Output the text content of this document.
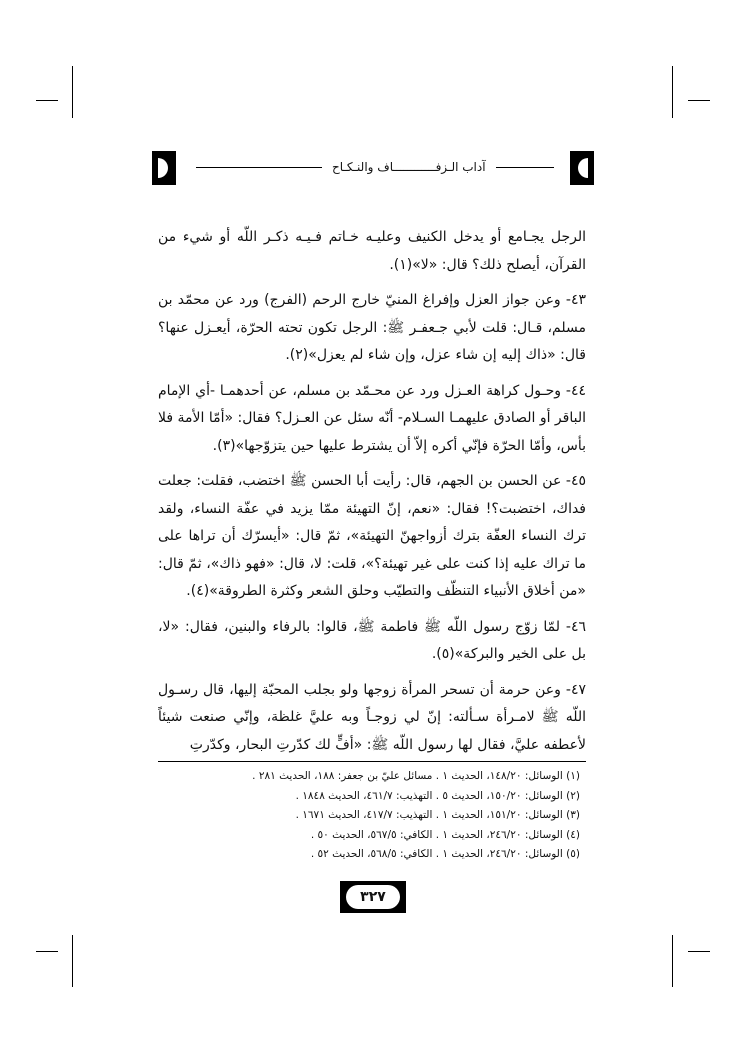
آداب الـزفــــــــــــاف والنـكـاح

الرجل يجـامع أو يدخل الكنيف وعليـه خـاتم فـيـه ذكـر اللّه أو شيء من القرآن، أيصلح ذلك؟ قال: «لا»(١).

٤٣- وعن جواز العزل وإفراغ المنيّ خارج الرحم (الفرج) ورد عن محمّد بن مسلم، قـال: قلت لأبي جـعفـر ﷺ: الرجل تكون تحته الحرّة، أيعـزل عنها؟ قال: «ذاك إليه إن شاء عزل، وإن شاء لم يعزل»(٢).

٤٤- وحـول كراهة العـزل ورد عن محـمّد بن مسلم، عن أحدهمـا -أي الإمام الباقر أو الصادق عليهمـا السـلام- أنّه سئل عن العـزل؟ فقال: «أمّا الأمة فلا بأس، وأمّا الحرّة فإنّي أكره إلاّ أن يشترط عليها حين يتزوّجها»(٣).

٤٥- عن الحسن بن الجهم، قال: رأيت أبا الحسن ﷺ اختضب، فقلت: جعلت فداك، اختضبت؟! فقال: «نعم، إنّ التهيئة ممّا يزيد في عفّة النساء، ولقد ترك النساء العفّة بترك أزواجهنّ التهيئة»، ثمّ قال: «أيسرّك أن تراها على ما تراك عليه إذا كنت على غير تهيئة؟»، قلت: لا، قال: «فهو ذاك»، ثمّ قال: «من أخلاق الأنبياء التنظّف والتطيّب وحلق الشعر وكثرة الطروقة»(٤).

٤٦- لمّا زوّج رسول اللّه ﷺ فاطمة ﷺ، قالوا: بالرفاء والبنين، فقال: «لا، بل على الخير والبركة»(٥).

٤٧- وعن حرمة أن تسحر المرأة زوجها ولو بجلب المحبّة إليها، قال رسـول اللّه ﷺ لامـرأة سـألته: إنّ لي زوجـاً وبه عليَّ غلظة، وإنّي صنعت شيئاً لأعطفه عليَّ، فقال لها رسول اللّه ﷺ: «أفٍّ لك كدّرتِ البحار، وكدّرتِ

(١) الوسائل: ١٤٨/٢٠، الحديث ١ . مسائل عليّ بن جعفر: ١٨٨، الحديث ٢٨١ .
(٢) الوسائل: ١٥٠/٢٠، الحديث ٥ . التهذيب: ٤٦١/٧، الحديث ١٨٤٨ .
(٣) الوسائل: ١٥١/٢٠، الحديث ١ . التهذيب: ٤١٧/٧، الحديث ١٦٧١ .
(٤) الوسائل: ٢٤٦/٢٠، الحديث ١ . الكافي: ٥٦٧/٥، الحديث ٥٠ .
(٥) الوسائل: ٢٤٦/٢٠، الحديث ١ . الكافي: ٥٦٨/٥، الحديث ٥٢ .
٣٢٧
